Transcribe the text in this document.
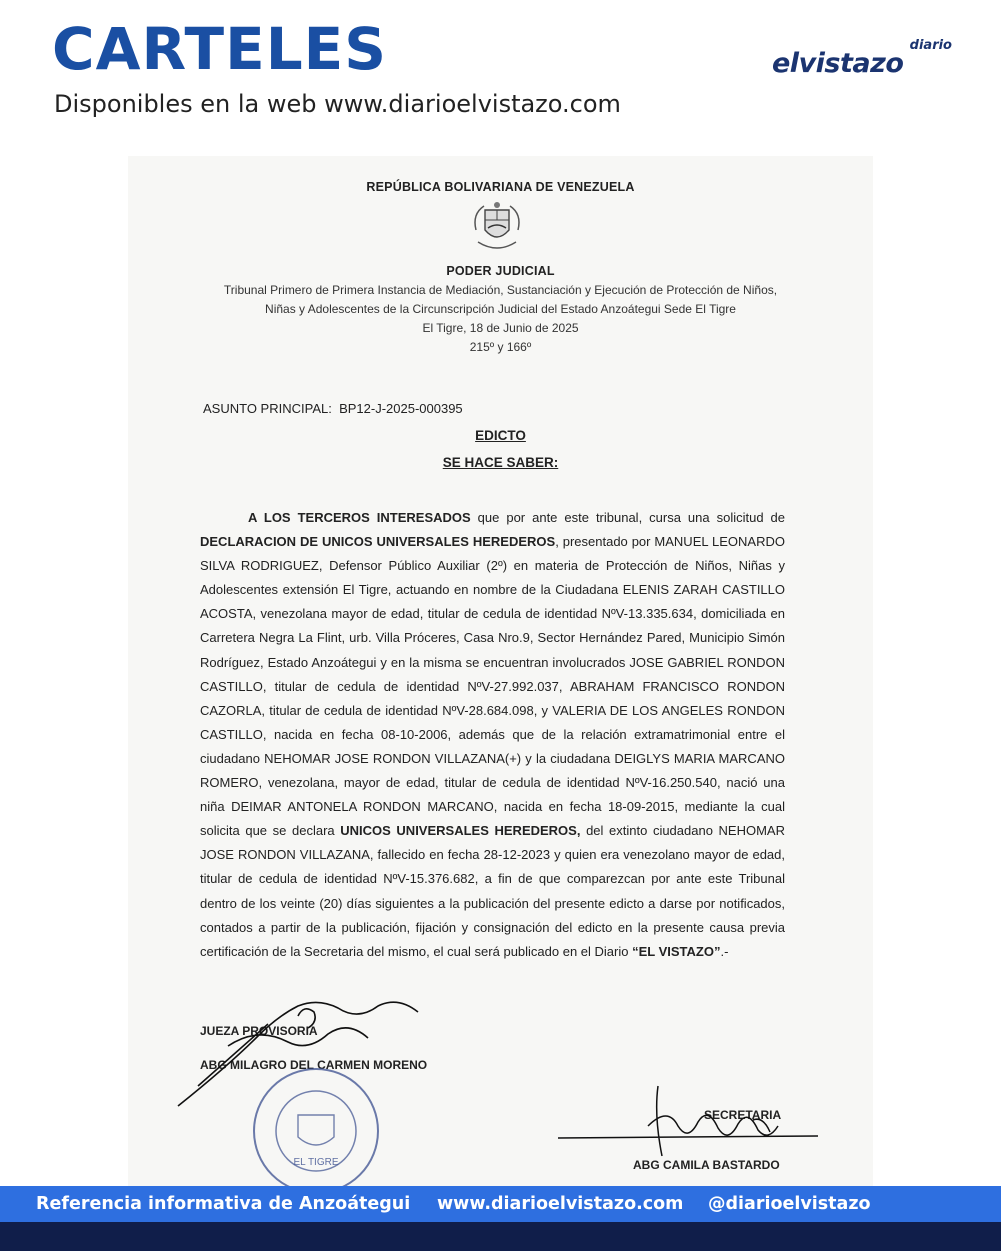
CARTELES
Disponibles en la web www.diarioelvistazo.com
diario
elvistazo
REPÚBLICA BOLIVARIANA DE VENEZUELA
PODER JUDICIAL
Tribunal Primero de Primera Instancia de Mediación, Sustanciación y Ejecución de Protección de Niños,
Niñas y Adolescentes de la Circunscripción Judicial del Estado Anzoátegui Sede El Tigre
El Tigre, 18 de Junio de 2025
215º y 166º
ASUNTO PRINCIPAL: BP12-J-2025-000395
EDICTO
SE HACE SABER:
A LOS TERCEROS INTERESADOS que por ante este tribunal, cursa una solicitud de DECLARACION DE UNICOS UNIVERSALES HEREDEROS, presentado por MANUEL LEONARDO SILVA RODRIGUEZ, Defensor Público Auxiliar (2º) en materia de Protección de Niños, Niñas y Adolescentes extensión El Tigre, actuando en nombre de la Ciudadana ELENIS ZARAH CASTILLO ACOSTA, venezolana mayor de edad, titular de cedula de identidad NºV-13.335.634, domiciliada en Carretera Negra La Flint, urb. Villa Próceres, Casa Nro.9, Sector Hernández Pared, Municipio Simón Rodríguez, Estado Anzoátegui y en la misma se encuentran involucrados JOSE GABRIEL RONDON CASTILLO, titular de cedula de identidad NºV-27.992.037, ABRAHAM FRANCISCO RONDON CAZORLA, titular de cedula de identidad NºV-28.684.098, y VALERIA DE LOS ANGELES RONDON CASTILLO, nacida en fecha 08-10-2006, además que de la relación extramatrimonial entre el ciudadano NEHOMAR JOSE RONDON VILLAZANA(+) y la ciudadana DEIGLYS MARIA MARCANO ROMERO, venezolana, mayor de edad, titular de cedula de identidad NºV-16.250.540, nació una niña DEIMAR ANTONELA RONDON MARCANO, nacida en fecha 18-09-2015, mediante la cual solicita que se declara UNICOS UNIVERSALES HEREDEROS, del extinto ciudadano NEHOMAR JOSE RONDON VILLAZANA, fallecido en fecha 28-12-2023 y quien era venezolano mayor de edad, titular de cedula de identidad NºV-15.376.682, a fin de que comparezcan por ante este Tribunal dentro de los veinte (20) días siguientes a la publicación del presente edicto a darse por notificados, contados a partir de la publicación, fijación y consignación del edicto en la presente causa previa certificación de la Secretaria del mismo, el cual será publicado en el Diario “EL VISTAZO”.-
JUEZA PROVISORIA
ABG MILAGRO DEL CARMEN MORENO
SECRETARIA
ABG CAMILA BASTARDO
EL TIGRE
Referencia informativa de Anzoátegui www.diarioelvistazo.com @diarioelvistazo
